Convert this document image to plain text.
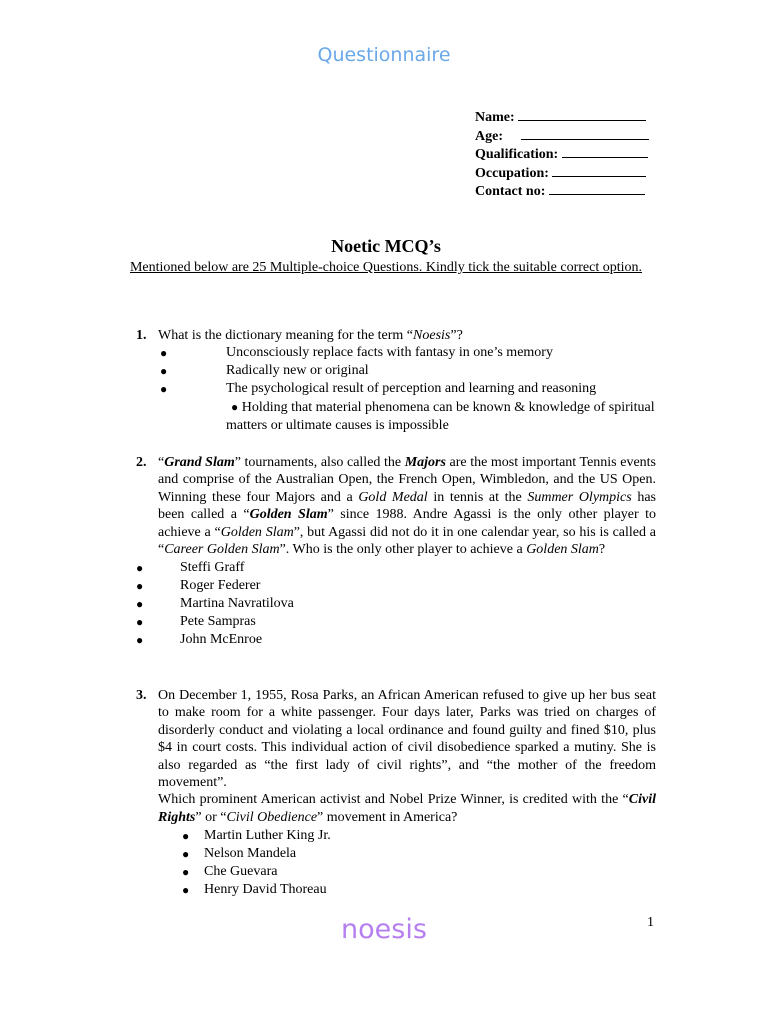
Questionnaire
Name:
Age:
Qualification:
Occupation:
Contact no:
Noetic MCQ’s
Mentioned below are 25 Multiple-choice Questions. Kindly tick the suitable correct option.
1. What is the dictionary meaning for the term “Noesis”?
●	Unconsciously replace facts with fantasy in one’s memory
●	Radically new or original
●	The psychological result of perception and learning and reasoning
● Holding that material phenomena can be known & knowledge of spiritual matters or ultimate causes is impossible
2. “Grand Slam” tournaments, also called the Majors are the most important Tennis events and comprise of the Australian Open, the French Open, Wimbledon, and the US Open. Winning these four Majors and a Gold Medal in tennis at the Summer Olympics has been called a “Golden Slam” since 1988. Andre Agassi is the only other player to achieve a “Golden Slam”, but Agassi did not do it in one calendar year, so his is called a “Career Golden Slam”. Who is the only other player to achieve a Golden Slam?
●	Steffi Graff
●	Roger Federer
●	Martina Navratilova
●	Pete Sampras
●	John McEnroe
3. On December 1, 1955, Rosa Parks, an African American refused to give up her bus seat to make room for a white passenger. Four days later, Parks was tried on charges of disorderly conduct and violating a local ordinance and found guilty and fined $10, plus $4 in court costs. This individual action of civil disobedience sparked a mutiny. She is also regarded as “the first lady of civil rights”, and “the mother of the freedom movement”.
Which prominent American activist and Nobel Prize Winner, is credited with the “Civil Rights” or “Civil Obedience” movement in America?
● Martin Luther King Jr.
● Nelson Mandela
● Che Guevara
● Henry David Thoreau
noesis	1
